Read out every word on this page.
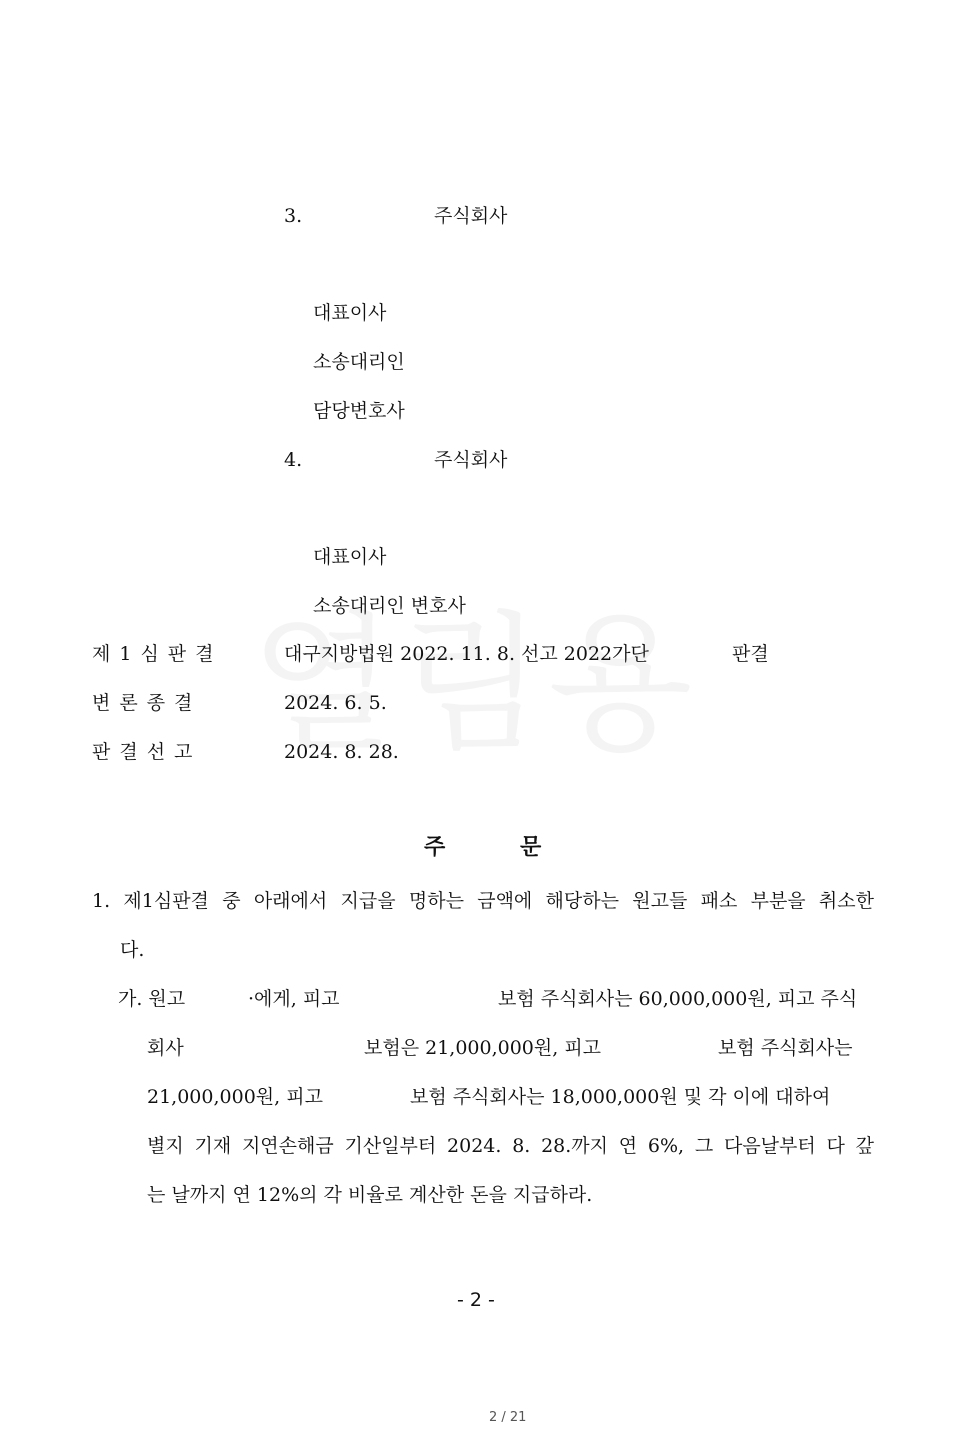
3.	주식회사
대표이사
소송대리인
담당변호사
4.	주식회사
대표이사
소송대리인 변호사
제1심판결	대구지방법원 2022. 11. 8. 선고 2022가단	판결
변론종결	2024. 6. 5.
판결선고	2024. 8. 28.
주	문
1. 제1심판결 중 아래에서 지급을 명하는 금액에 해당하는 원고들 패소 부분을 취소한
다.
가. 원고	·에게, 피고	보험 주식회사는 60,000,000원, 피고 주식
회사	보험은 21,000,000원, 피고	보험 주식회사는
21,000,000원, 피고	보험 주식회사는 18,000,000원 및 각 이에 대하여
별지 기재 지연손해금 기산일부터 2024. 8. 28.까지 연 6%, 그 다음날부터 다 갚
는 날까지 연 12%의 각 비율로 계산한 돈을 지급하라.
- 2 -
2 / 21
